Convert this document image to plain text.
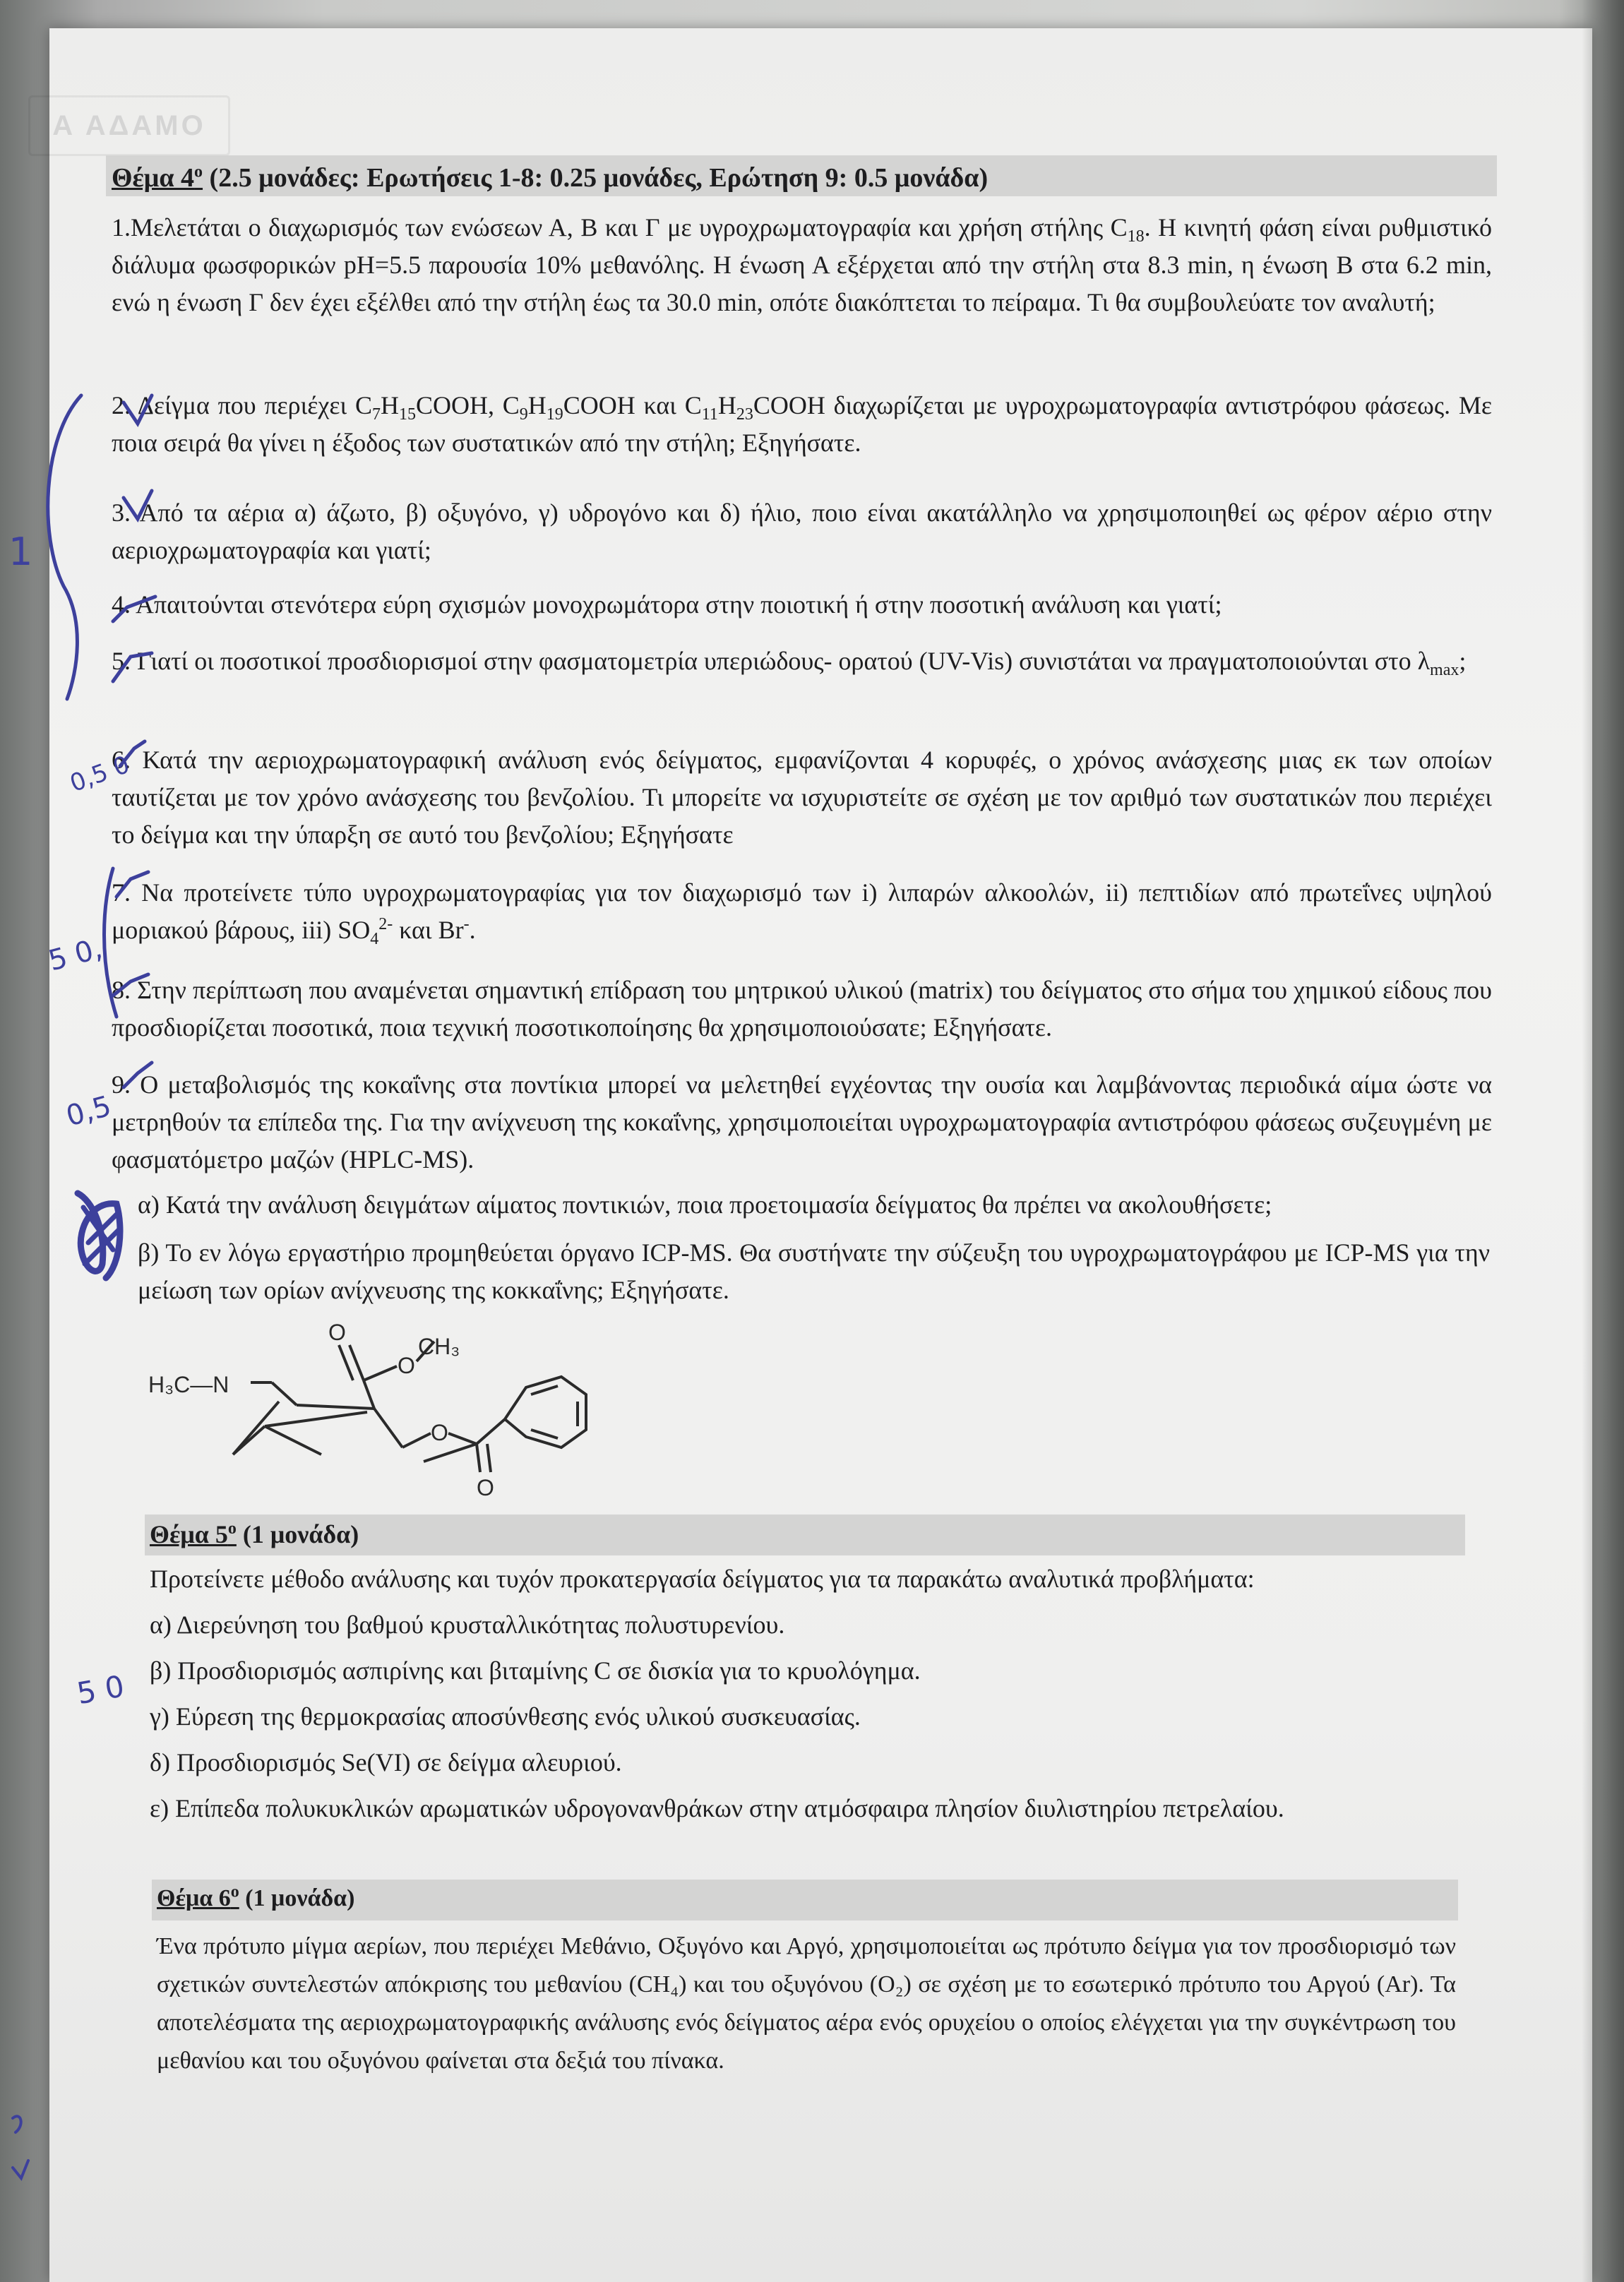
Α ΑΔΑΜΟ
Θέμα $4^o$ (2.5 μονάδες: Ερωτήσεις 1-8: 0.25 μονάδες, Ερώτηση 9: 0.5 μονάδα)

1.Μελετάται ο διαχωρισμός των ενώσεων Α, Β και Γ με υγροχρωματογραφία και χρήση στήλης $C_{18}$. Η κινητή φάση είναι ρυθμιστικό διάλυμα φωσφορικών pH=5.5 παρουσία 10% μεθανόλης. Η ένωση Α εξέρχεται από την στήλη στα 8.3 min, η ένωση Β στα 6.2 min, ενώ η ένωση Γ δεν έχει εξέλθει από την στήλη έως τα 30.0 min, οπότε διακόπτεται το πείραμα. Τι θα συμβουλεύατε τον αναλυτή;

2. Δείγμα που περιέχει $C_7H_{15}COOH$, $C_9H_{19}COOH$ και $C_{11}H_{23}COOH$ διαχωρίζεται με υγροχρωματογραφία αντιστρόφου φάσεως. Με ποια σειρά θα γίνει η έξοδος των συστατικών από την στήλη; Εξηγήσατε.

3. Από τα αέρια α) άζωτο, β) οξυγόνο, γ) υδρογόνο και δ) ήλιο, ποιο είναι ακατάλληλο να χρησιμοποιηθεί ως φέρον αέριο στην αεριοχρωματογραφία και γιατί;

4. Απαιτούνται στενότερα εύρη σχισμών μονοχρωμάτορα στην ποιοτική ή στην ποσοτική ανάλυση και γιατί;

5. Γιατί οι ποσοτικοί προσδιορισμοί στην φασματομετρία υπεριώδους- ορατού (UV-Vis) συνιστάται να πραγματοποιούνται στο $\lambda_{max}$;

6. Κατά την αεριοχρωματογραφική ανάλυση ενός δείγματος, εμφανίζονται 4 κορυφές, ο χρόνος ανάσχεσης μιας εκ των οποίων ταυτίζεται με τον χρόνο ανάσχεσης του βενζολίου. Τι μπορείτε να ισχυριστείτε σε σχέση με τον αριθμό των συστατικών που περιέχει το δείγμα και την ύπαρξη σε αυτό του βενζολίου; Εξηγήσατε

7. Να προτείνετε τύπο υγροχρωματογραφίας για τον διαχωρισμό των i) λιπαρών αλκοολών, ii) πεπτιδίων από πρωτεΐνες υψηλού μοριακού βάρους, iii) $SO_4^{2-}$ και Br-.

8. Στην περίπτωση που αναμένεται σημαντική επίδραση του μητρικού υλικού (matrix) του δείγματος στο σήμα του χημικού είδους που προσδιορίζεται ποσοτικά, ποια τεχνική ποσοτικοποίησης θα χρησιμοποιούσατε; Εξηγήσατε.

9. Ο μεταβολισμός της κοκαΐνης στα ποντίκια μπορεί να μελετηθεί εγχέοντας την ουσία και λαμβάνοντας περιοδικά αίμα ώστε να μετρηθούν τα επίπεδα της. Για την ανίχνευση της κοκαΐνης, χρησιμοποιείται υγροχρωματογραφία αντιστρόφου φάσεως συζευγμένη με φασματόμετρο μαζών (HPLC-MS).

α) Κατά την ανάλυση δειγμάτων αίματος ποντικιών, ποια προετοιμασία δείγματος θα πρέπει να ακολουθήσετε;

β) Το εν λόγω εργαστήριο προμηθεύεται όργανο ICP-MS. Θα συστήνατε την σύζευξη του υγροχρωματογράφου με ICP-MS για την μείωση των ορίων ανίχνευσης της κοκκαΐνης; Εξηγήσατε.

H₃C—N
CH₃
O
O
O
O
Θέμα $5^o$ (1 μονάδα)
Προτείνετε μέθοδο ανάλυσης και τυχόν προκατεργασία δείγματος για τα παρακάτω αναλυτικά προβλήματα:
α) Διερεύνηση του βαθμού κρυσταλλικότητας πολυστυρενίου.
β) Προσδιορισμός ασπιρίνης και βιταμίνης C σε δισκία για το κρυολόγημα.
γ) Εύρεση της θερμοκρασίας αποσύνθεσης ενός υλικού συσκευασίας.
δ) Προσδιορισμός Se(VI) σε δείγμα αλευριού.
ε) Επίπεδα πολυκυκλικών αρωματικών υδρογονανθράκων στην ατμόσφαιρα πλησίον διυλιστηρίου πετρελαίου.
Θέμα $6^o$ (1 μονάδα)

Ένα πρότυπο μίγμα αερίων, που περιέχει Μεθάνιο, Οξυγόνο και Αργό, χρησιμοποιείται ως πρότυπο δείγμα για τον προσδιορισμό των σχετικών συντελεστών απόκρισης του μεθανίου (CH₄) και του οξυγόνου (O₂) σε σχέση με το εσωτερικό πρότυπο του Αργού (Ar). Τα αποτελέσματα της αεριοχρωματογραφικής ανάλυσης ενός δείγματος αέρα ενός ορυχείου ο οποίος ελέγχεται για την συγκέντρωση του μεθανίου και του οξυγόνου φαίνεται στα δεξιά του πίνακα.

1
0,5 0
5 0,
0,5
5 0
